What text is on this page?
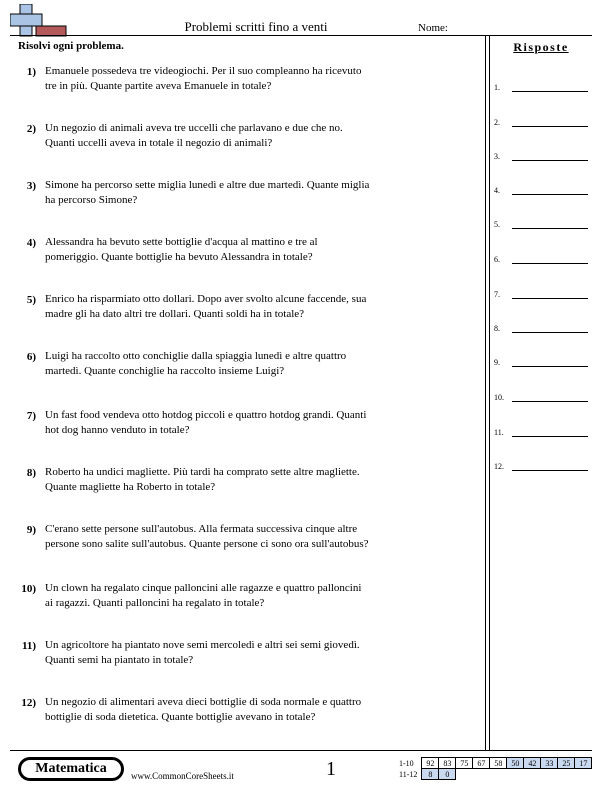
Problemi scritti fino a venti	Nome:
Risolvi ogni problema.
1) Emanuele possedeva tre videogiochi. Per il suo compleanno ha ricevuto tre in più. Quante partite aveva Emanuele in totale?
2) Un negozio di animali aveva tre uccelli che parlavano e due che no. Quanti uccelli aveva in totale il negozio di animali?
3) Simone ha percorso sette miglia lunedì e altre due martedì. Quante miglia ha percorso Simone?
4) Alessandra ha bevuto sette bottiglie d'acqua al mattino e tre al pomeriggio. Quante bottiglie ha bevuto Alessandra in totale?
5) Enrico ha risparmiato otto dollari. Dopo aver svolto alcune faccende, sua madre gli ha dato altri tre dollari. Quanti soldi ha in totale?
6) Luigi ha raccolto otto conchiglie dalla spiaggia lunedì e altre quattro martedì. Quante conchiglie ha raccolto insieme Luigi?
7) Un fast food vendeva otto hotdog piccoli e quattro hotdog grandi. Quanti hot dog hanno venduto in totale?
8) Roberto ha undici magliette. Più tardi ha comprato sette altre magliette. Quante magliette ha Roberto in totale?
9) C'erano sette persone sull'autobus. Alla fermata successiva cinque altre persone sono salite sull'autobus. Quante persone ci sono ora sull'autobus?
10) Un clown ha regalato cinque palloncini alle ragazze e quattro palloncini ai ragazzi. Quanti palloncini ha regalato in totale?
11) Un agricoltore ha piantato nove semi mercoledì e altri sei semi giovedì. Quanti semi ha piantato in totale?
12) Un negozio di alimentari aveva dieci bottiglie di soda normale e quattro bottiglie di soda dietetica. Quante bottiglie avevano in totale?
Risposte
1.
2.
3.
4.
5.
6.
7.
8.
9.
10.
11.
12.
Matematica	www.CommonCoreSheets.it	1	1-10	92	83	75	67	58	50	42	33	25	17
11-12	8	0								
